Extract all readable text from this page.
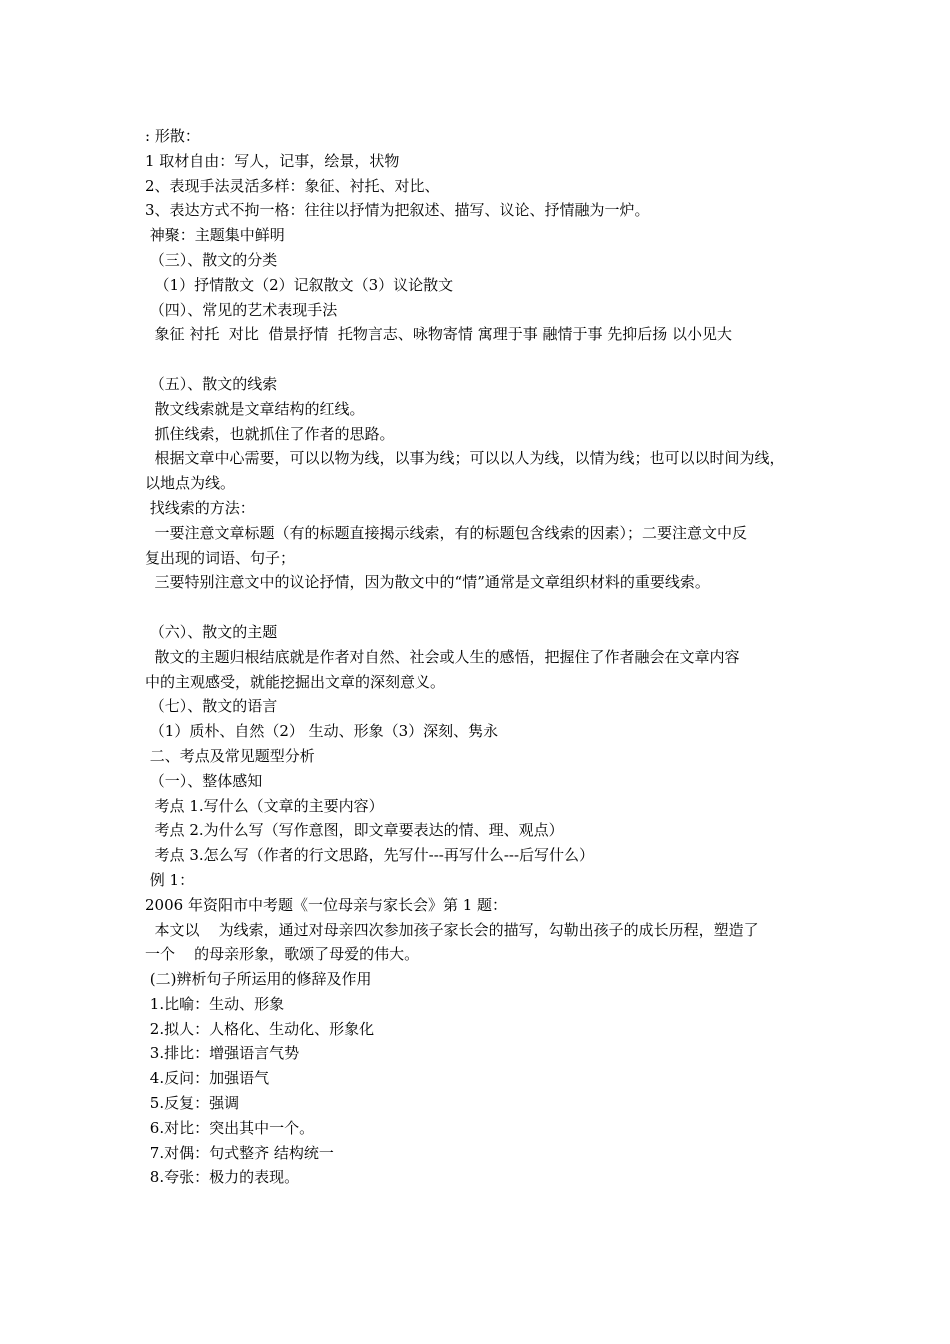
: 形散：
1 取材自由：写人，记事，绘景，状物
2、表现手法灵活多样：象征、衬托、对比、
3、表达方式不拘一格：往往以抒情为把叙述、描写、议论、抒情融为一炉。
神聚：主题集中鲜明
（三）、散文的分类
（1）抒情散文（2）记叙散文（3）议论散文
（四）、常见的艺术表现手法
象征 衬托  对比  借景抒情  托物言志、咏物寄情 寓理于事 融情于事 先抑后扬 以小见大
（五）、散文的线索
散文线索就是文章结构的红线。
抓住线索，也就抓住了作者的思路。
根据文章中心需要，可以以物为线，以事为线；可以以人为线，以情为线；也可以以时间为线，
以地点为线。
找线索的方法：
一要注意文章标题（有的标题直接揭示线索，有的标题包含线索的因素）；二要注意文中反
复出现的词语、句子；
三要特别注意文中的议论抒情，因为散文中的“情”通常是文章组织材料的重要线索。
（六）、散文的主题
散文的主题归根结底就是作者对自然、社会或人生的感悟，把握住了作者融会在文章内容
中的主观感受，就能挖掘出文章的深刻意义。
（七）、散文的语言
（1）质朴、自然（2） 生动、形象（3）深刻、隽永
二、考点及常见题型分析
（一）、整体感知
考点 1.写什么（文章的主要内容）
考点 2.为什么写（写作意图，即文章要表达的情、理、观点）
考点 3.怎么写（作者的行文思路，先写什---再写什么---后写什么）
例 1：
2006 年资阳市中考题《一位母亲与家长会》第 1 题：
本文以    为线索，通过对母亲四次参加孩子家长会的描写，勾勒出孩子的成长历程，塑造了
一个    的母亲形象，歌颂了母爱的伟大。
(二)辨析句子所运用的修辞及作用
1.比喻：生动、形象
2.拟人：人格化、生动化、形象化
3.排比：增强语言气势
4.反问：加强语气
5.反复：强调
6.对比：突出其中一个。
7.对偶：句式整齐 结构统一
8.夸张：极力的表现。
